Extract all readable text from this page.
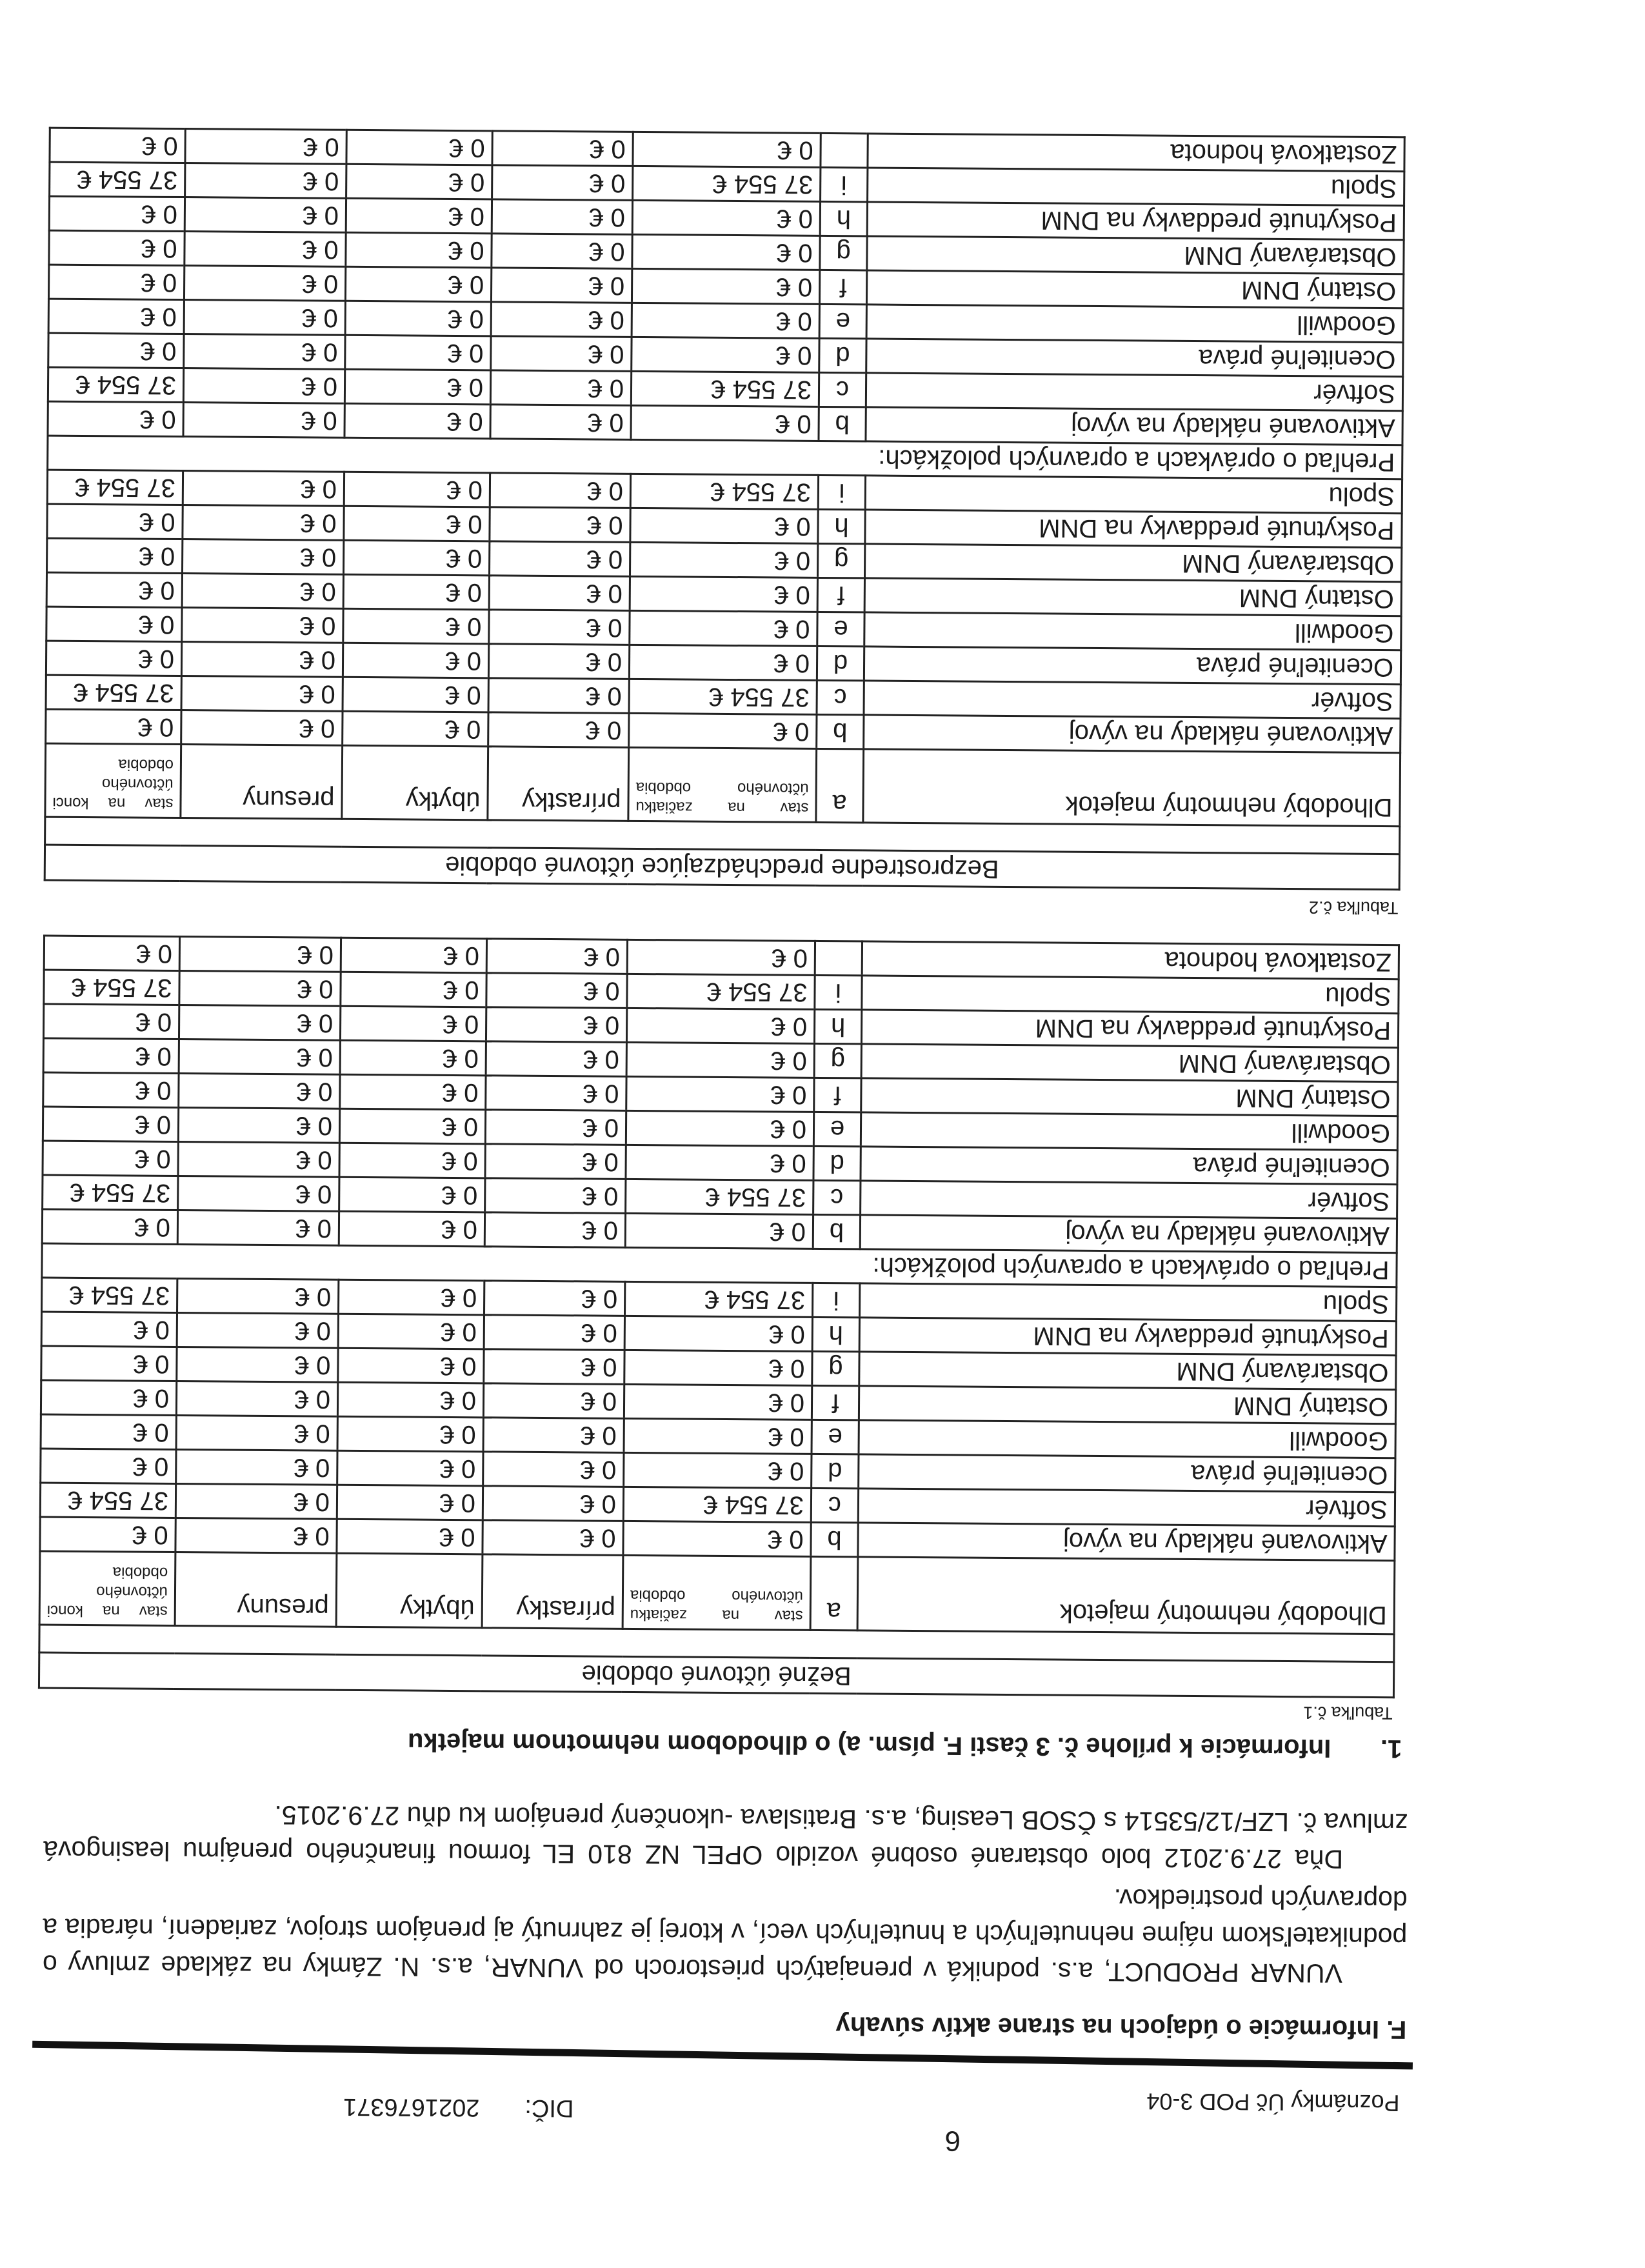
6
Poznámky Úč POD 3-04
DIČ:2021676371
F. Informácie o údajoch na strane aktív súvahy

VUNAR PRODUCT, a.s. podniká v prenajatých priestoroch od VUNAR, a.s. N. Zámky na základe zmluvy o podnikateľskom nájme nehnuteľných a hnuteľných vecí, v ktorej je zahrnutý aj prenájom strojov, zariadení, náradia a dopravných prostriedkov.

Dňa 27.9.2012 bolo obstarané osobné vozidlo OPEL NZ 810 EL formou finančného prenájmu leasingová zmluva č. LZF/12/53514 s ČSOB Leasing, a.s. Bratislava -ukončený prenájom ku dňu 27.9.2015.

1.Informácie k prílohe č. 3 časti F. písm. a) o dlhodobom nehmotnom majetku
Tabuľka č.1
Bežné účtovné obdobie						

Dlhodobý nehmotný majetok	a	stav na začiatku účtovného obdobia	prírastky	úbytky	presuny	stav na konci účtovného obdobia
Aktivované náklady na vývoj	b	0 €	0 €	0 €	0 €	0 €
Softvér	c	37 554 €	0 €	0 €	0 €	37 554 €
Oceniteľné práva	d	0 €	0 €	0 €	0 €	0 €
Goodwill	e	0 €	0 €	0 €	0 €	0 €
Ostatný DNM	f	0 €	0 €	0 €	0 €	0 €
Obstarávaný DNM	g	0 €	0 €	0 €	0 €	0 €
Poskytnuté preddavky na DNM	h	0 €	0 €	0 €	0 €	0 €
Spolu	i	37 554 €	0 €	0 €	0 €	37 554 €
Prehľad o oprávkach a opravných položkách:						
Aktivované náklady na vývoj	b	0 €	0 €	0 €	0 €	0 €
Softvér	c	37 554 €	0 €	0 €	0 €	37 554 €
Oceniteľné práva	d	0 €	0 €	0 €	0 €	0 €
Goodwill	e	0 €	0 €	0 €	0 €	0 €
Ostatný DNM	f	0 €	0 €	0 €	0 €	0 €
Obstarávaný DNM	g	0 €	0 €	0 €	0 €	0 €
Poskytnuté preddavky na DNM	h	0 €	0 €	0 €	0 €	0 €
Spolu	i	37 554 €	0 €	0 €	0 €	37 554 €
Zostatková hodnota		0 €	0 €	0 €	0 €	0 €
Tabuľka č.2
Bezprostredne predchádzajúce účtovné obdobie						

Dlhodobý nehmotný majetok	a	stav na začiatku účtovného obdobia	prírastky	úbytky	presuny	stav na konci účtovného obdobia
Aktivované náklady na vývoj	b	0 €	0 €	0 €	0 €	0 €
Softvér	c	37 554 €	0 €	0 €	0 €	37 554 €
Oceniteľné práva	d	0 €	0 €	0 €	0 €	0 €
Goodwill	e	0 €	0 €	0 €	0 €	0 €
Ostatný DNM	f	0 €	0 €	0 €	0 €	0 €
Obstarávaný DNM	g	0 €	0 €	0 €	0 €	0 €
Poskytnuté preddavky na DNM	h	0 €	0 €	0 €	0 €	0 €
Spolu	i	37 554 €	0 €	0 €	0 €	37 554 €
Prehľad o oprávkach a opravných položkách:						
Aktivované náklady na vývoj	b	0 €	0 €	0 €	0 €	0 €
Softvér	c	37 554 €	0 €	0 €	0 €	37 554 €
Oceniteľné práva	d	0 €	0 €	0 €	0 €	0 €
Goodwill	e	0 €	0 €	0 €	0 €	0 €
Ostatný DNM	f	0 €	0 €	0 €	0 €	0 €
Obstarávaný DNM	g	0 €	0 €	0 €	0 €	0 €
Poskytnuté preddavky na DNM	h	0 €	0 €	0 €	0 €	0 €
Spolu	i	37 554 €	0 €	0 €	0 €	37 554 €
Zostatková hodnota		0 €	0 €	0 €	0 €	0 €
